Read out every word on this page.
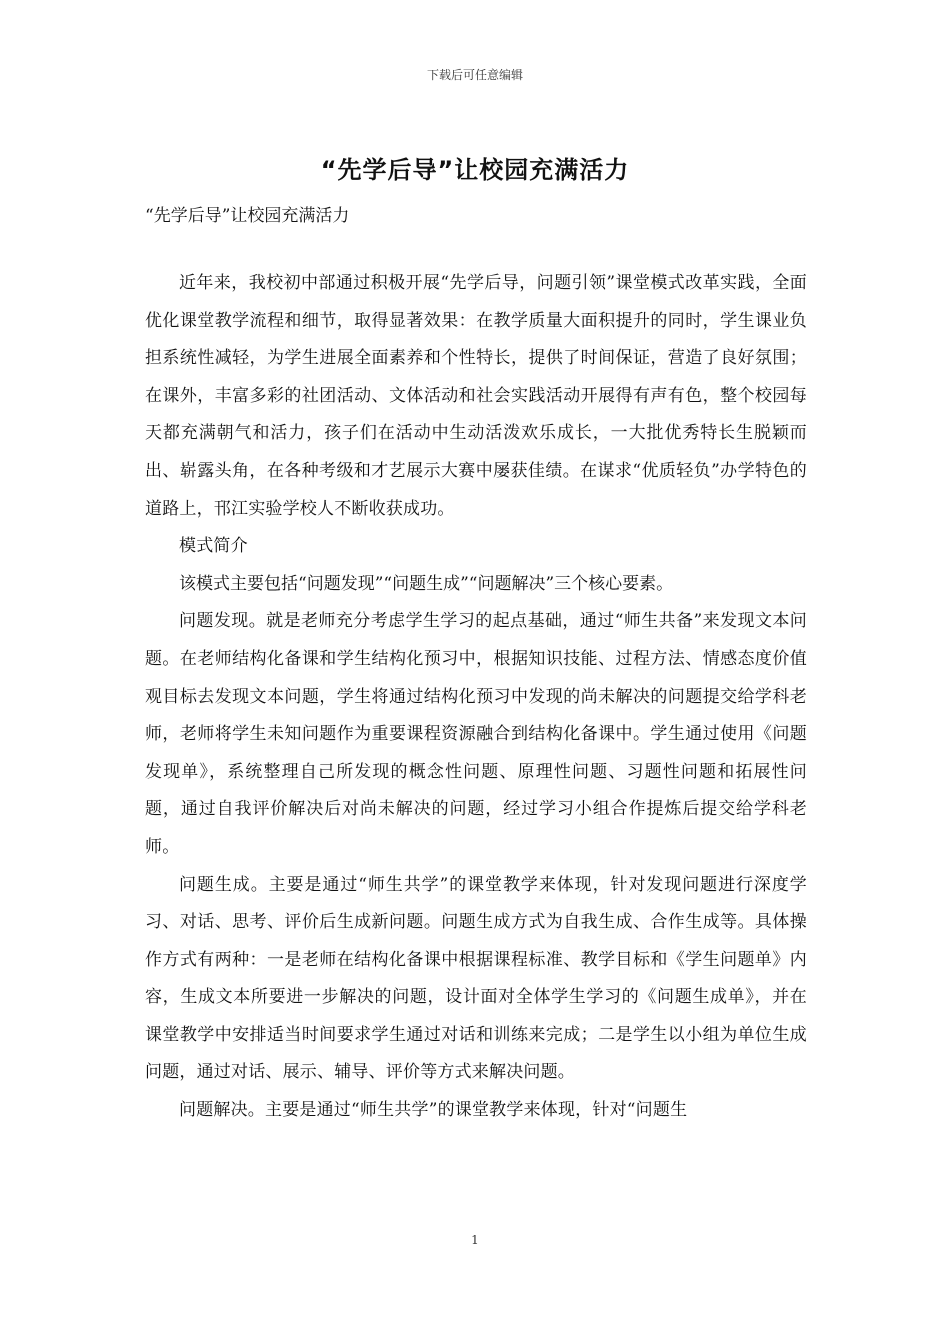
下载后可任意编辑
“先学后导”让校园充满活力
“先学后导”让校园充满活力

近年来，我校初中部通过积极开展“先学后导，问题引领”课堂模式改革实践，全面优化课堂教学流程和细节，取得显著效果：在教学质量大面积提升的同时，学生课业负担系统性减轻，为学生进展全面素养和个性特长，提供了时间保证，营造了良好氛围；在课外，丰富多彩的社团活动、文体活动和社会实践活动开展得有声有色，整个校园每天都充满朝气和活力，孩子们在活动中生动活泼欢乐成长，一大批优秀特长生脱颖而出、崭露头角，在各种考级和才艺展示大赛中屡获佳绩。在谋求“优质轻负”办学特色的道路上，邗江实验学校人不断收获成功。

模式简介

该模式主要包括“问题发现”“问题生成”“问题解决”三个核心要素。

问题发现。就是老师充分考虑学生学习的起点基础，通过“师生共备”来发现文本问题。在老师结构化备课和学生结构化预习中，根据知识技能、过程方法、情感态度价值观目标去发现文本问题，学生将通过结构化预习中发现的尚未解决的问题提交给学科老师，老师将学生未知问题作为重要课程资源融合到结构化备课中。学生通过使用《问题发现单》，系统整理自己所发现的概念性问题、原理性问题、习题性问题和拓展性问题，通过自我评价解决后对尚未解决的问题，经过学习小组合作提炼后提交给学科老师。

问题生成。主要是通过“师生共学”的课堂教学来体现，针对发现问题进行深度学习、对话、思考、评价后生成新问题。问题生成方式为自我生成、合作生成等。具体操作方式有两种：一是老师在结构化备课中根据课程标准、教学目标和《学生问题单》内容，生成文本所要进一步解决的问题，设计面对全体学生学习的《问题生成单》，并在课堂教学中安排适当时间要求学生通过对话和训练来完成；二是学生以小组为单位生成问题，通过对话、展示、辅导、评价等方式来解决问题。

问题解决。主要是通过“师生共学”的课堂教学来体现，针对“问题生

1
